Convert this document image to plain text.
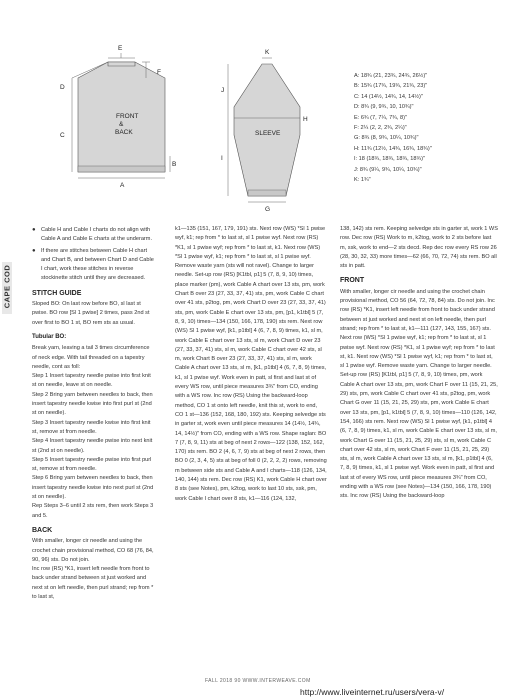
FRONT
&
BACK
E
F
D
C
B
A
SLEEVE
K
J
H
I
G
A: 18¾ (21, 23¾, 24¾, 26½)"
B: 15¾ (17¾, 19¾, 21¾, 23)"
C: 14 (14½, 14¾, 14, 14½)"
D: 8¾ (9, 9¾, 10, 10¾)"
E: 6¾ (7, 7¼, 7¾, 8)"
F: 2¼ (2, 2, 2¾, 2¼)"
G: 8¾ (8, 9¾, 10¼, 10¾)"
H: 11¾ (12½, 14¾, 16¾, 18¾)"
I: 18 (18¾, 18¾, 18¾, 18¾)"
J: 8¾ (9¼, 9¾, 10¼, 10¾)"
K: 1¾"
CAPE COD

● Cable H and Cable I charts do not align with Cable A and Cable E charts at the underarm.

● If there are stitches between Cable H chart and Chart B, and between Chart D and Cable I chart, work these stitches in reverse stockinette stitch until they are decreased.

STITCH GUIDE

Sloped BO: On last row before BO, sl last st pwise. BO row [Sl 1 pwise] 2 times, pass 2nd st over first to BO 1 st, BO rem sts as usual.

Tubular BO:

Break yarn, leaving a tail 3 times circumference of neck edge. With tail threaded on a tapestry needle, cont as foll:

Step 1 Insert tapestry needle pwise into first knit st on needle, leave st on needle.

Step 2 Bring yarn between needles to back, then insert tapestry needle kwise into first purl st (2nd st on needle).

Step 3 Insert tapestry needle kwise into first knit st, remove st from needle.

Step 4 Insert tapestry needle pwise into next knit st (2nd st on needle).

Step 5 Insert tapestry needle pwise into first purl st, remove st from needle.

Step 6 Bring yarn between needles to back, then insert tapestry needle kwise into next purl st (2nd st on needle).

Rep Steps 3–6 until 2 sts rem, then work Steps 3 and 5.

BACK

With smaller, longer cir needle and using the crochet chain provisional method, CO 68 (76, 84, 90, 96) sts. Do not join.

Inc row (RS) *K1, insert left needle from front to back under strand between st just worked and next st on left needle, then purl strand; rep from * to last st,

k1—135 (151, 167, 179, 191) sts. Next row (WS) *Sl 1 pwise wyf, k1; rep from * to last st, sl 1 pwise wyf. Next row (RS) *K1, sl 1 pwise wyf; rep from * to last st, k1. Next row (WS) *Sl 1 pwise wyf, k1; rep from * to last st, sl 1 pwise wyf. Remove waste yarn (sts will not ravel). Change to larger needle. Set-up row (RS) [K1tbl, p1] 5 (7, 8, 9, 10) times, place marker (pm), work Cable A chart over 13 sts, pm, work Chart B over 23 (27, 33, 37, 41) sts, pm, work Cable C chart over 41 sts, p2tog, pm, work Chart D over 23 (27, 33, 37, 41) sts, pm, work Cable E chart over 13 sts, pm, [p1, k1tbl] 5 (7, 8, 9, 10) times—134 (150, 166, 178, 190) sts rem. Next row (WS) Sl 1 pwise wyf, [k1, p1tbl] 4 (6, 7, 8, 9) times, k1, sl m, work Cable E chart over 13 sts, sl m, work Chart D over 23 (27, 33, 37, 41) sts, sl m, work Cable C chart over 42 sts, sl m, work Chart B over 23 (27, 33, 37, 41) sts, sl m, work Cable A chart over 13 sts, sl m, [k1, p1tbl] 4 (6, 7, 8, 9) times, k1, sl 1 pwise wyf. Work even in patt, sl first and last st of every WS row, until piece measures 3¾" from CO, ending with a WS row. Inc row (RS) Using the backward-loop method, CO 1 st onto left needle, knit this st, work to end, CO 1 st—136 (152, 168, 180, 192) sts. Keeping selvedge sts in garter st, work even until piece measures 14 (14½, 14¾, 14, 14½)" from CO, ending with a WS row. Shape raglan: BO 7 (7, 8, 9, 11) sts at beg of next 2 rows—122 (138, 152, 162, 170) sts rem. BO 2 (4, 6, 7, 9) sts at beg of next 2 rows, then BO 0 (2, 3, 4, 5) sts at beg of foll 0 (2, 2, 2, 2) rows, removing m between side sts and Cable A and I charts—118 (126, 134, 140, 144) sts rem. Dec row (RS) K1, work Cable H chart over 8 sts (see Notes), pm, k2tog, work to last 10 sts, ssk, pm, work Cable I chart over 8 sts, k1—116 (124, 132,

138, 142) sts rem. Keeping selvedge sts in garter st, work 1 WS row. Dec row (RS) Work to m, k2tog, work to 2 sts before last m, ssk, work to end—2 sts decd. Rep dec row every RS row 26 (28, 30, 32, 33) more times—62 (66, 70, 72, 74) sts rem. BO all sts in patt.

FRONT

With smaller, longer cir needle and using the crochet chain provisional method, CO 56 (64, 72, 78, 84) sts. Do not join. Inc row (RS) *K1, insert left needle from front to back under strand between st just worked and next st on left needle, then purl strand; rep from * to last st, k1—111 (127, 143, 155, 167) sts. Next row (WS) *Sl 1 pwise wyf, k1; rep from * to last st, sl 1 pwise wyf. Next row (RS) *K1, sl 1 pwise wyf; rep from * to last st, k1. Next row (WS) *Sl 1 pwise wyf, k1; rep from * to last st, sl 1 pwise wyf. Remove waste yarn. Change to larger needle. Set-up row (RS) [K1tbl, p1] 5 (7, 8, 9, 10) times, pm, work Cable A chart over 13 sts, pm, work Chart F over 11 (15, 21, 25, 29) sts, pm, work Cable C chart over 41 sts, p2tog, pm, work Chart G over 11 (15, 21, 25, 29) sts, pm, work Cable E chart over 13 sts, pm, [p1, k1tbl] 5 (7, 8, 9, 10) times—110 (126, 142, 154, 166) sts rem. Next row (WS) Sl 1 pwise wyf, [k1, p1tbl] 4 (6, 7, 8, 9) times, k1, sl m, work Cable E chart over 13 sts, sl m, work Chart G over 11 (15, 21, 25, 29) sts, sl m, work Cable C chart over 42 sts, sl m, work Chart F over 11 (15, 21, 25, 29) sts, sl m, work Cable A chart over 13 sts, sl m, [k1, p1tbl] 4 (6, 7, 8, 9) times, k1, sl 1 pwise wyf. Work even in patt, sl first and last st of every WS row, until piece measures 3¾" from CO, ending with a WS row (see Notes)—134 (150, 166, 178, 190) sts. Inc row (RS) Using the backward-loop

FALL 2018 90 WWW.INTERWEAVE.COM
http://www.liveinternet.ru/users/vera-v/
